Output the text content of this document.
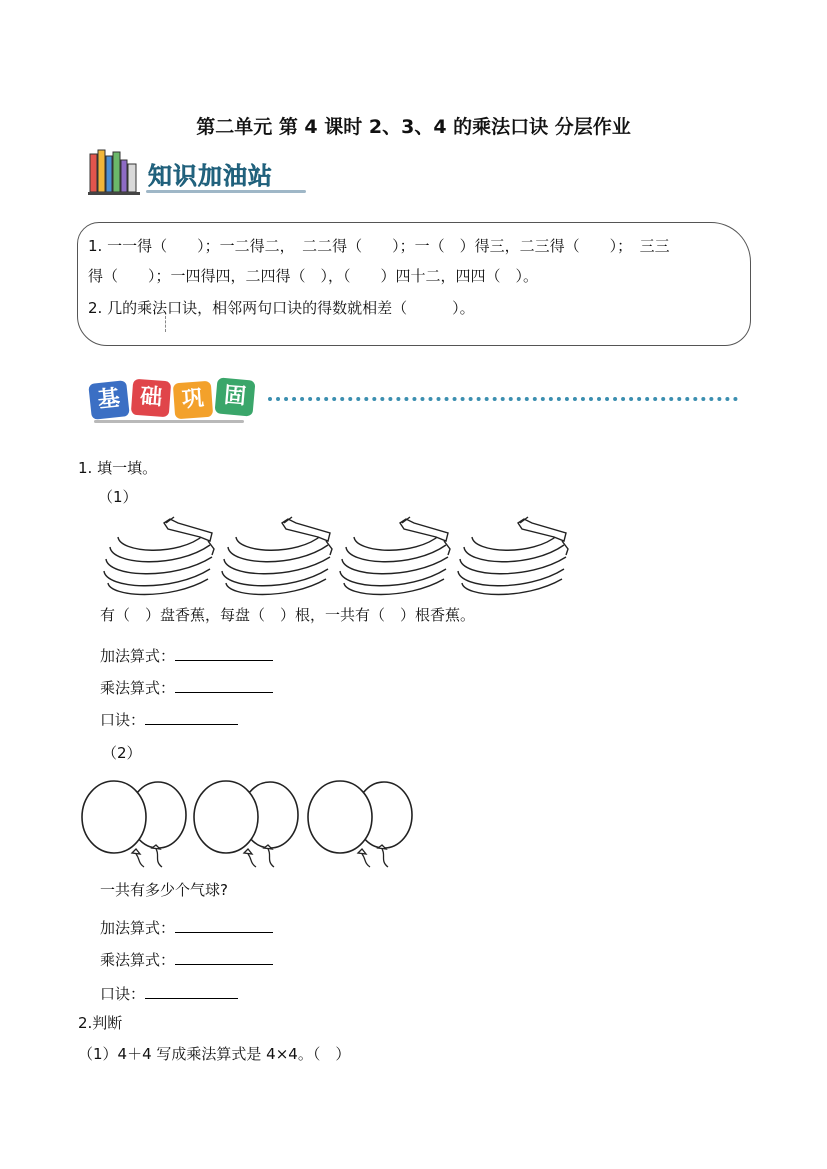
第二单元 第 4 课时 2、3、4 的乘法口诀 分层作业
知识加油站
1. 一一得（　　）；一二得二，　二二得（　　）；一（　）得三，二三得（　　）；　三三
得（　　）；一四得四，二四得（　），（　　）四十二，四四（　）。
2. 几的乘法口诀，相邻两句口诀的得数就相差（　　　）。
基 础 巩 固
1. 填一填。
（1）
有（　）盘香蕉，每盘（　）根，一共有（　）根香蕉。
加法算式：
乘法算式：
口诀：
（2）
一共有多少个气球?
加法算式：
乘法算式：
口诀：
2.判断
（1）4＋4 写成乘法算式是 4×4。（　）
